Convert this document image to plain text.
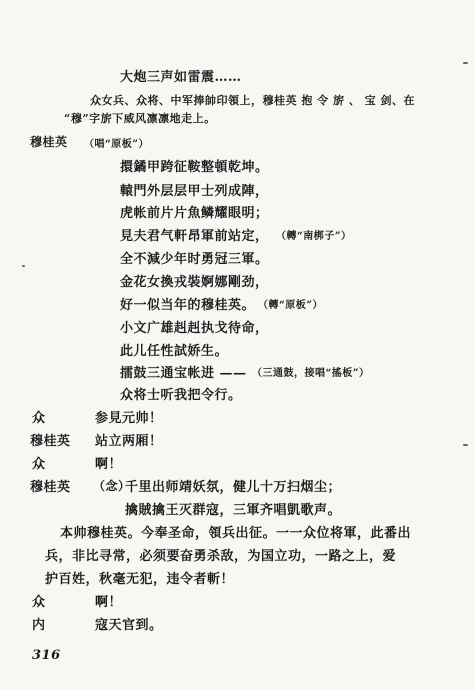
大炮三声如雷震……
众女兵、众将、中军捧帥印領上，穆桂英 抱 令 旂 、 宝 剑、在
“穆”字旂下威风凛凛地走上。
穆桂英 （唱“原板”）
擐鐍甲跨征鞍整頓乾坤。
轅門外层层甲士列成陣，
虎帐前片片魚鳞耀眼明；
見夫君气軒昂軍前站定， （轉“南梆子”）
全不減少年时勇冠三軍。
金花女換戎裝婀娜剛劲，
好一似当年的穆桂英。 （轉“原板”）
小文广雄赳赳执戈待命，
此儿任性試娇生。
擂鼓三通宝帐进 —— （三通鼓，接唱“搖板”）
众将士听我把令行。
众	参見元帅！
穆桂英 站立两厢！
众	啊！
穆桂英 （念）
千里出师靖妖氛，健儿十万扫烟尘；
擒賊擒王灭群寇，三軍齐唱凱歌声。
本帅穆桂英。今奉圣命，領兵出征。一一众位将軍，此番出
兵，非比寻常，必须要奋勇杀敌，为国立功，一路之上，爱
护百姓，秋毫无犯，违令者斬！
众	啊！
内	寇天官到。
316
